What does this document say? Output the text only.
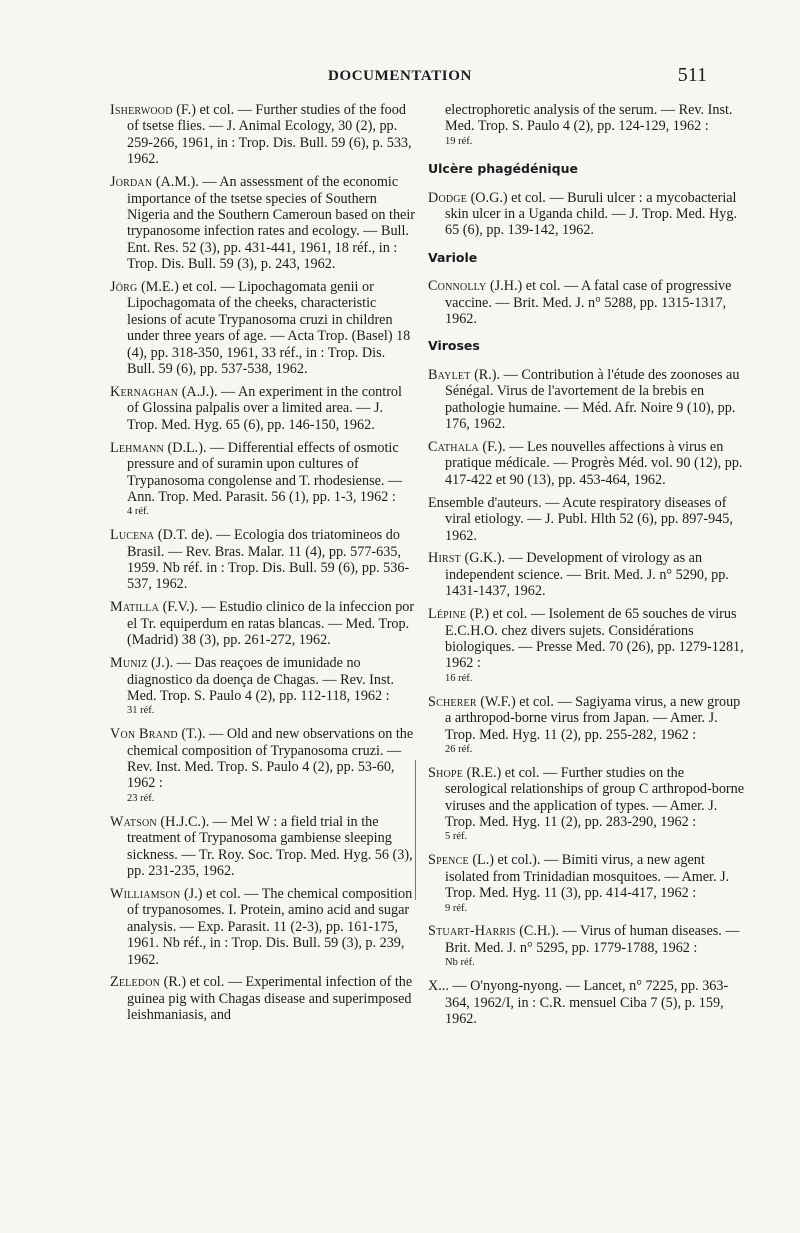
DOCUMENTATION	511
Isherwood (F.) et col. — Further studies of the food of tsetse flies. — J. Animal Ecology, 30 (2), pp. 259-266, 1961, in : Trop. Dis. Bull. 59 (6), p. 533, 1962.
Jordan (A.M.). — An assessment of the economic importance of the tsetse species of Southern Nigeria and the Southern Cameroun based on their trypanosome infection rates and ecology. — Bull. Ent. Res. 52 (3), pp. 431-441, 1961, 18 réf., in : Trop. Dis. Bull. 59 (3), p. 243, 1962.
Jörg (M.E.) et col. — Lipochagomata genii or Lipochagomata of the cheeks, characteristic lesions of acute Trypanosoma cruzi in children under three years of age. — Acta Trop. (Basel) 18 (4), pp. 318-350, 1961, 33 réf., in : Trop. Dis. Bull. 59 (6), pp. 537-538, 1962.
Kernaghan (A.J.). — An experiment in the control of Glossina palpalis over a limited area. — J. Trop. Med. Hyg. 65 (6), pp. 146-150, 1962.
Lehmann (D.L.). — Differential effects of osmotic pressure and of suramin upon cultures of Trypanosoma congolense and T. rhodesiense. — Ann. Trop. Med. Parasit. 56 (1), pp. 1-3, 1962 :
4 réf.
Lucena (D.T. de). — Ecologia dos triatomineos do Brasil. — Rev. Bras. Malar. 11 (4), pp. 577-635, 1959. Nb réf. in : Trop. Dis. Bull. 59 (6), pp. 536-537, 1962.
Matilla (F.V.). — Estudio clinico de la infeccion por el Tr. equiperdum en ratas blancas. — Med. Trop. (Madrid) 38 (3), pp. 261-272, 1962.
Muniz (J.). — Das reaçoes de imunidade no diagnostico da doença de Chagas. — Rev. Inst. Med. Trop. S. Paulo 4 (2), pp. 112-118, 1962 :
31 réf.
Von Brand (T.). — Old and new observations on the chemical composition of Trypanosoma cruzi. — Rev. Inst. Med. Trop. S. Paulo 4 (2), pp. 53-60, 1962 :
23 réf.
Watson (H.J.C.). — Mel W : a field trial in the treatment of Trypanosoma gambiense sleeping sickness. — Tr. Roy. Soc. Trop. Med. Hyg. 56 (3), pp. 231-235, 1962.
Williamson (J.) et col. — The chemical composition of trypanosomes. I. Protein, amino acid and sugar analysis. — Exp. Parasit. 11 (2-3), pp. 161-175, 1961. Nb réf., in : Trop. Dis. Bull. 59 (3), p. 239, 1962.
Zeledon (R.) et col. — Experimental infection of the guinea pig with Chagas disease and superimposed leishmaniasis, and
electrophoretic analysis of the serum. — Rev. Inst. Med. Trop. S. Paulo 4 (2), pp. 124-129, 1962 :
19 réf.
Ulcère phagédénique
Dodge (O.G.) et col. — Buruli ulcer : a mycobacterial skin ulcer in a Uganda child. — J. Trop. Med. Hyg. 65 (6), pp. 139-142, 1962.
Variole
Connolly (J.H.) et col. — A fatal case of progressive vaccine. — Brit. Med. J. n° 5288, pp. 1315-1317, 1962.
Viroses
Baylet (R.). — Contribution à l'étude des zoonoses au Sénégal. Virus de l'avortement de la brebis en pathologie humaine. — Méd. Afr. Noire 9 (10), pp. 176, 1962.
Cathala (F.). — Les nouvelles affections à virus en pratique médicale. — Progrès Méd. vol. 90 (12), pp. 417-422 et 90 (13), pp. 453-464, 1962.
Ensemble d'auteurs. — Acute respiratory diseases of viral etiology. — J. Publ. Hlth 52 (6), pp. 897-945, 1962.
Hirst (G.K.). — Development of virology as an independent science. — Brit. Med. J. n° 5290, pp. 1431-1437, 1962.
Lépine (P.) et col. — Isolement de 65 souches de virus E.C.H.O. chez divers sujets. Considérations biologiques. — Presse Med. 70 (26), pp. 1279-1281, 1962 :
16 réf.
Scherer (W.F.) et col. — Sagiyama virus, a new group a arthropod-borne virus from Japan. — Amer. J. Trop. Med. Hyg. 11 (2), pp. 255-282, 1962 :
26 réf.
Shope (R.E.) et col. — Further studies on the serological relationships of group C arthropod-borne viruses and the application of types. — Amer. J. Trop. Med. Hyg. 11 (2), pp. 283-290, 1962 :
5 réf.
Spence (L.) et col.). — Bimiti virus, a new agent isolated from Trinidadian mosquitoes. — Amer. J. Trop. Med. Hyg. 11 (3), pp. 414-417, 1962 :
9 réf.
Stuart-Harris (C.H.). — Virus of human diseases. — Brit. Med. J. n° 5295, pp. 1779-1788, 1962 :
Nb réf.
X... — O'nyong-nyong. — Lancet, n° 7225, pp. 363-364, 1962/I, in : C.R. mensuel Ciba 7 (5), p. 159, 1962.
